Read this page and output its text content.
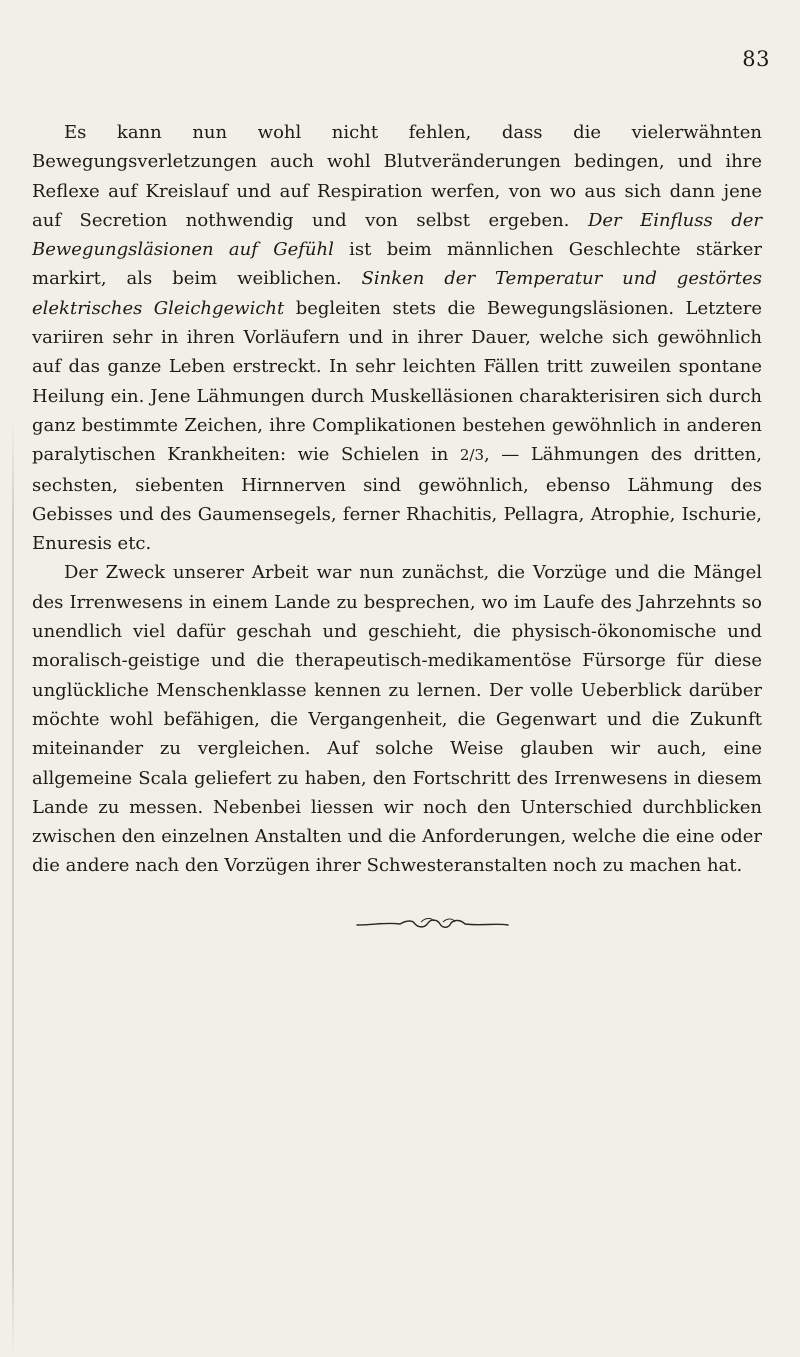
83

Es kann nun wohl nicht fehlen, dass die vielerwähnten Bewegungsverletzungen auch wohl Blutveränderungen bedingen, und ihre Reflexe auf Kreislauf und auf Respiration werfen, von wo aus sich dann jene auf Secretion nothwendig und von selbst ergeben. Der Einfluss der Bewegungsläsionen auf Gefühl ist beim männlichen Geschlechte stärker markirt, als beim weiblichen. Sinken der Temperatur und gestörtes elektrisches Gleichgewicht begleiten stets die Bewegungsläsionen. Letztere variiren sehr in ihren Vorläufern und in ihrer Dauer, welche sich gewöhnlich auf das ganze Leben erstreckt. In sehr leichten Fällen tritt zuweilen spontane Heilung ein. Jene Lähmungen durch Muskelläsionen charakterisiren sich durch ganz bestimmte Zeichen, ihre Complikationen bestehen gewöhnlich in anderen paralytischen Krankheiten: wie Schielen in 2/3, — Lähmungen des dritten, sechsten, siebenten Hirnnerven sind gewöhnlich, ebenso Lähmung des Gebisses und des Gaumensegels, ferner Rhachitis, Pellagra, Atrophie, Ischurie, Enuresis etc.

Der Zweck unserer Arbeit war nun zunächst, die Vorzüge und die Mängel des Irrenwesens in einem Lande zu besprechen, wo im Laufe des Jahrzehnts so unendlich viel dafür geschah und geschieht, die physisch-ökonomische und moralisch-geistige und die therapeutisch-medikamentöse Fürsorge für diese unglückliche Menschenklasse kennen zu lernen. Der volle Ueberblick darüber möchte wohl befähigen, die Vergangenheit, die Gegenwart und die Zukunft miteinander zu vergleichen. Auf solche Weise glauben wir auch, eine allgemeine Scala geliefert zu haben, den Fortschritt des Irrenwesens in diesem Lande zu messen. Nebenbei liessen wir noch den Unterschied durchblicken zwischen den einzelnen Anstalten und die Anforderungen, welche die eine oder die andere nach den Vorzügen ihrer Schwesteranstalten noch zu machen hat.
